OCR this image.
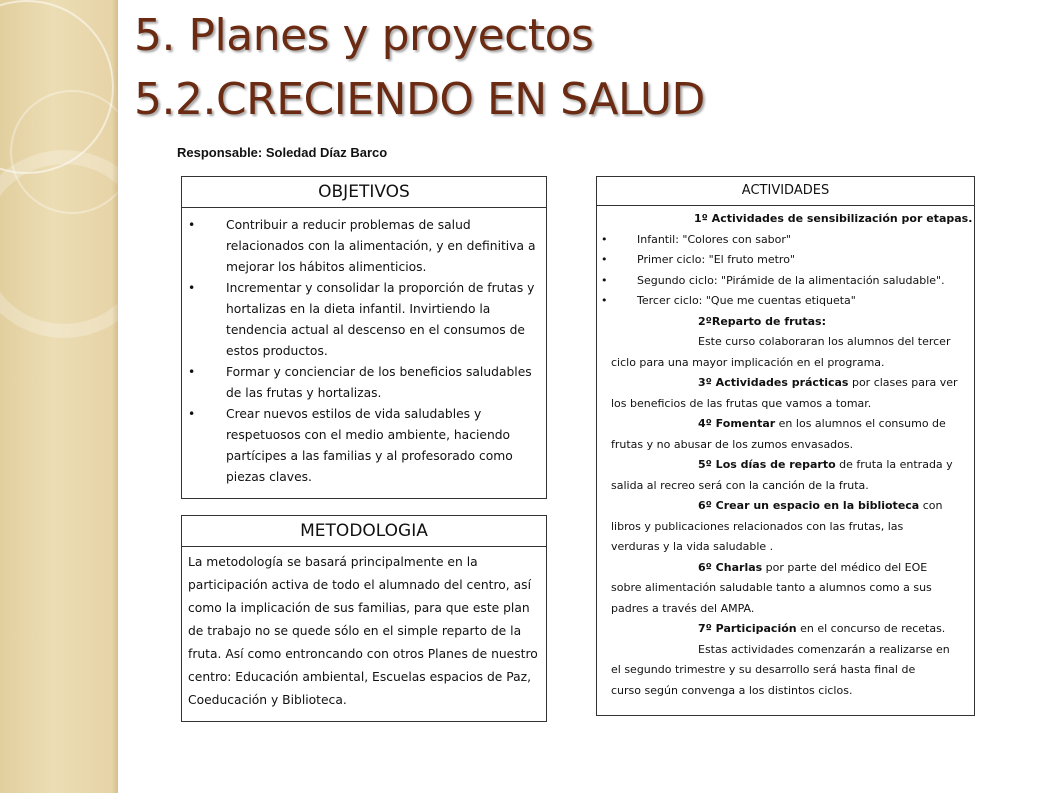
5. Planes y proyectos
5.2.CRECIENDO EN SALUD
Responsable: Soledad Díaz Barco
OBJETIVOS
• Contribuir a reducir problemas de salud relacionados con la alimentación, y en definitiva a mejorar los hábitos alimenticios.
• Incrementar y consolidar la proporción de frutas y hortalizas en la dieta infantil. Invirtiendo la tendencia actual al descenso en el consumos de estos productos.
• Formar y concienciar de los beneficios saludables de las frutas y hortalizas.
• Crear nuevos estilos de vida saludables y respetuosos con el medio ambiente, haciendo partícipes a las familias y al profesorado como piezas claves.
METODOLOGIA
La metodología se basará principalmente en la participación activa de todo el alumnado del centro, así como la implicación de sus familias, para que este plan de trabajo no se quede sólo en el simple reparto de la fruta. Así como entroncando con otros Planes de nuestro centro: Educación ambiental, Escuelas espacios de Paz, Coeducación y Biblioteca.
ACTIVIDADES
1º Actividades de sensibilización por etapas.
•	Infantil: "Colores con sabor"
•	Primer ciclo: "El fruto metro"
•	Segundo ciclo: "Pirámide de la alimentación saludable".
•	Tercer ciclo: "Que me cuentas etiqueta"
2ºReparto de frutas:
Este curso colaboraran los alumnos del tercer
ciclo para una mayor implicación en el programa.
3º Actividades prácticas por clases para ver
los beneficios de las frutas que vamos a tomar.
4º Fomentar en los alumnos el consumo de
frutas y no abusar de los zumos envasados.
5º Los días de reparto de fruta la entrada y
salida al recreo será con la canción de la fruta.
6º Crear un espacio en la biblioteca con
libros y publicaciones relacionados con las frutas, las
verduras y la vida saludable .
6º Charlas por parte del médico del EOE
sobre alimentación saludable tanto a alumnos como a sus
padres a través del AMPA.
7º Participación en el concurso de recetas.
Estas actividades comenzarán a realizarse en
el segundo trimestre y su desarrollo será hasta final de
curso según convenga a los distintos ciclos.
